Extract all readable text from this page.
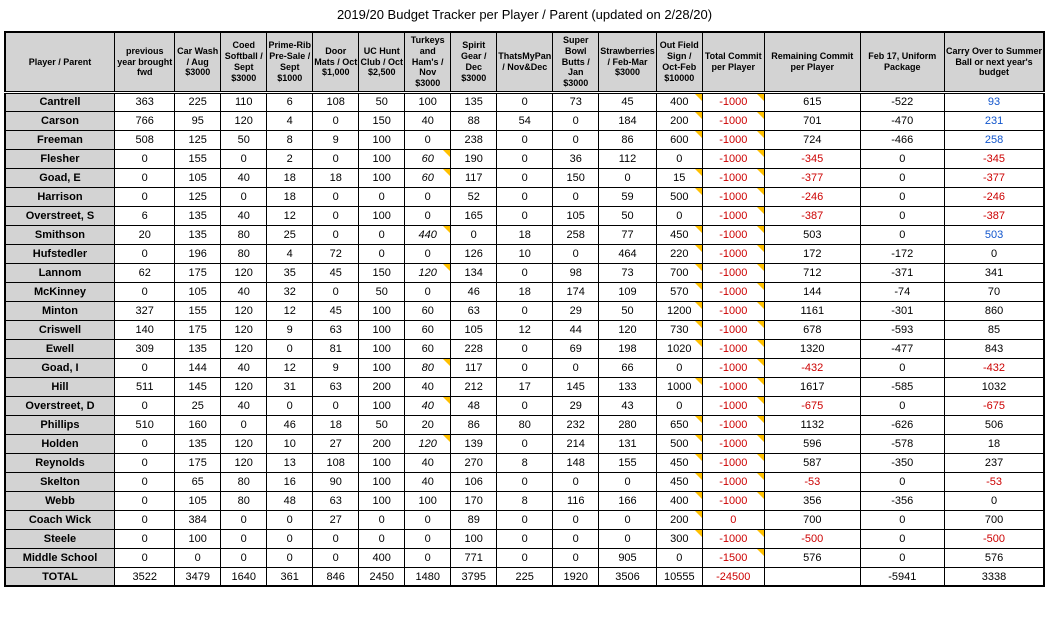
2019/20 Budget Tracker per Player / Parent (updated on 2/28/20)
Player / Parent	previous year brought fwd	Car Wash / Aug $3000	Coed Softball / Sept $3000	Prime-Rib Pre-Sale / Sept $1000	Door Mats / Oct $1,000	UC Hunt Club / Oct $2,500	Turkeys and Ham's / Nov $3000	Spirit Gear / Dec $3000	ThatsMyPan / Nov&Dec	Super Bowl Butts / Jan $3000	Strawberries / Feb-Mar $3000	Out Field Sign / Oct-Feb $10000	Total Commit per Player	Remaining Commit per Player	Feb 17, Uniform Package	Carry Over to Summer Ball or next year's budget
Cantrell	363	225	110	6	108	50	100	135	0	73	45	400	-1000	615	-522	93
Carson	766	95	120	4	0	150	40	88	54	0	184	200	-1000	701	-470	231
Freeman	508	125	50	8	9	100	0	238	0	0	86	600	-1000	724	-466	258
Flesher	0	155	0	2	0	100	60	190	0	36	112	0	-1000	-345	0	-345
Goad, E	0	105	40	18	18	100	60	117	0	150	0	15	-1000	-377	0	-377
Harrison	0	125	0	18	0	0	0	52	0	0	59	500	-1000	-246	0	-246
Overstreet, S	6	135	40	12	0	100	0	165	0	105	50	0	-1000	-387	0	-387
Smithson	20	135	80	25	0	0	440	0	18	258	77	450	-1000	503	0	503
Hufstedler	0	196	80	4	72	0	0	126	10	0	464	220	-1000	172	-172	0
Lannom	62	175	120	35	45	150	120	134	0	98	73	700	-1000	712	-371	341
McKinney	0	105	40	32	0	50	0	46	18	174	109	570	-1000	144	-74	70
Minton	327	155	120	12	45	100	60	63	0	29	50	1200	-1000	1161	-301	860
Criswell	140	175	120	9	63	100	60	105	12	44	120	730	-1000	678	-593	85
Ewell	309	135	120	0	81	100	60	228	0	69	198	1020	-1000	1320	-477	843
Goad, I	0	144	40	12	9	100	80	117	0	0	66	0	-1000	-432	0	-432
Hill	511	145	120	31	63	200	40	212	17	145	133	1000	-1000	1617	-585	1032
Overstreet, D	0	25	40	0	0	100	40	48	0	29	43	0	-1000	-675	0	-675
Phillips	510	160	0	46	18	50	20	86	80	232	280	650	-1000	1132	-626	506
Holden	0	135	120	10	27	200	120	139	0	214	131	500	-1000	596	-578	18
Reynolds	0	175	120	13	108	100	40	270	8	148	155	450	-1000	587	-350	237
Skelton	0	65	80	16	90	100	40	106	0	0	0	450	-1000	-53	0	-53
Webb	0	105	80	48	63	100	100	170	8	116	166	400	-1000	356	-356	0
Coach Wick	0	384	0	0	27	0	0	89	0	0	0	200	0	700	0	700
Steele	0	100	0	0	0	0	0	100	0	0	0	300	-1000	-500	0	-500
Middle School	0	0	0	0	0	400	0	771	0	0	905	0	-1500	576	0	576
TOTAL	3522	3479	1640	361	846	2450	1480	3795	225	1920	3506	10555	-24500		-5941	3338
